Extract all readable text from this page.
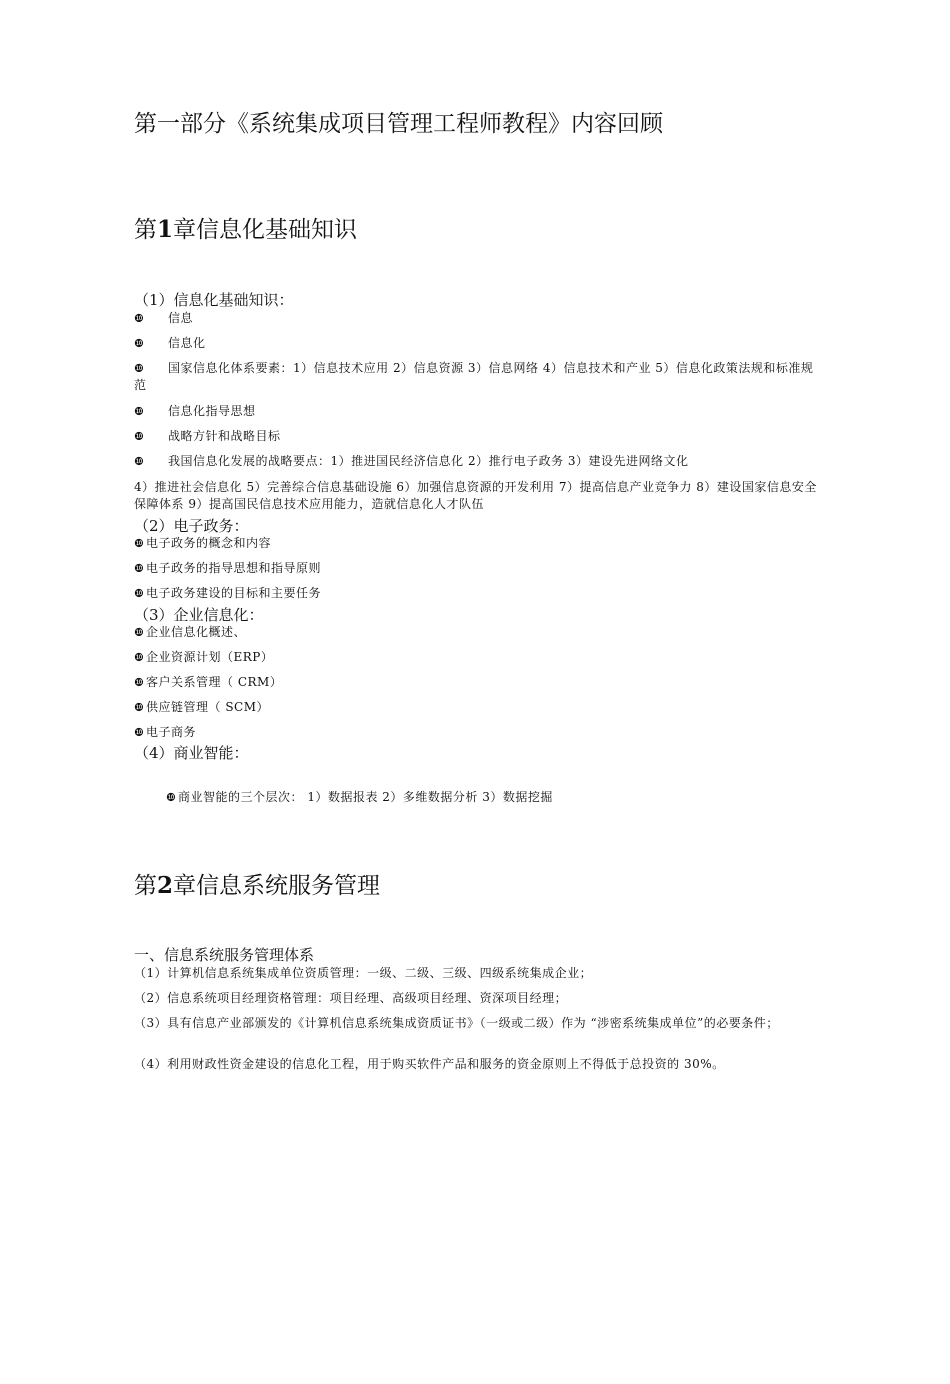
第一部分《系统集成项目管理工程师教程》内容回顾
第1章信息化基础知识
（1）信息化基础知识：
❿ 信息
❿ 信息化
❿ 国家信息化体系要素：1）信息技术应用 2）信息资源 3）信息网络 4）信息技术和产业 5）信息化政策法规和标准规范
❿ 信息化指导思想
❿ 战略方针和战略目标
❿ 我国信息化发展的战略要点：1）推进国民经济信息化 2）推行电子政务 3）建设先进网络文化
4）推进社会信息化 5）完善综合信息基础设施 6）加强信息资源的开发利用 7）提高信息产业竞争力 8）建设国家信息安全保障体系 9）提高国民信息技术应用能力，造就信息化人才队伍
（2）电子政务：
❿ 电子政务的概念和内容
❿ 电子政务的指导思想和指导原则
❿ 电子政务建设的目标和主要任务
（3）企业信息化：
❿ 企业信息化概述、
❿ 企业资源计划（ERP）
❿ 客户关系管理（ CRM）
❿ 供应链管理（ SCM）
❿ 电子商务
（4）商业智能：
❿ 商业智能的三个层次： 1）数据报表 2）多维数据分析 3）数据挖掘
第2章信息系统服务管理
一、信息系统服务管理体系
（1）计算机信息系统集成单位资质管理：一级、二级、三级、四级系统集成企业；
（2）信息系统项目经理资格管理：项目经理、高级项目经理、资深项目经理；
（3）具有信息产业部颁发的《计算机信息系统集成资质证书》（一级或二级）作为 “涉密系统集成单位”的必要条件；
（4）利用财政性资金建设的信息化工程，用于购买软件产品和服务的资金原则上不得低于总投资的 30%。
